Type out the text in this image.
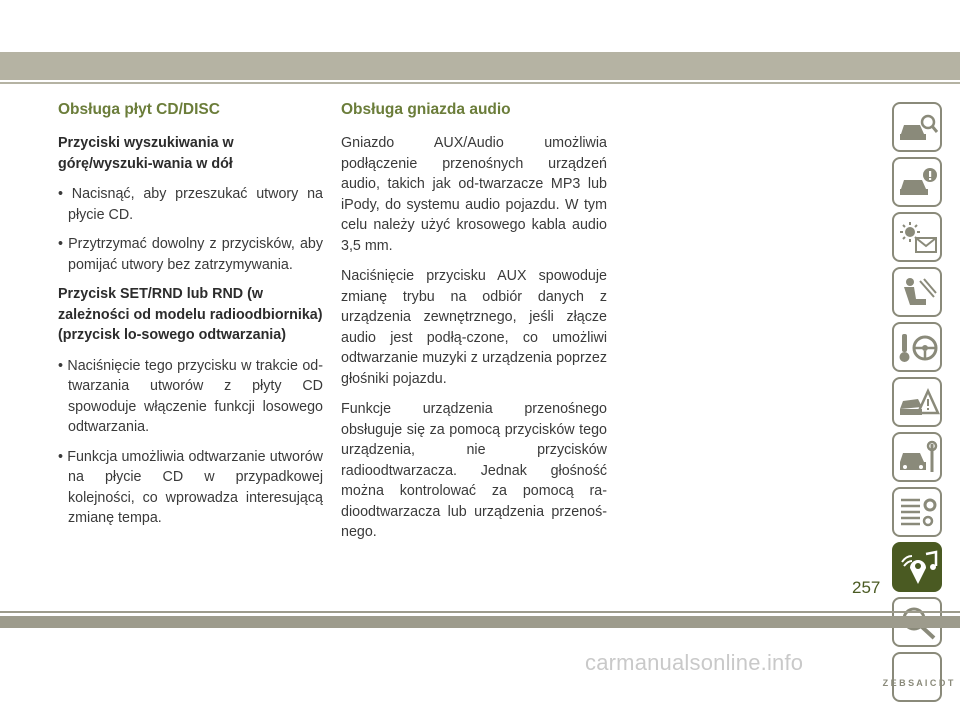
Obsługa płyt CD/DISC
Przyciski wyszukiwania w górę/wyszuki-wania w dół
• Nacisnąć, aby przeszukać utwory na płycie CD.
• Przytrzymać dowolny z przycisków, aby pomijać utwory bez zatrzymywania.
Przycisk SET/RND lub RND (w zależności od modelu radioodbiornika) (przycisk lo-sowego odtwarzania)
• Naciśnięcie tego przycisku w trakcie od-twarzania utworów z płyty CD spowoduje włączenie funkcji losowego odtwarzania.
• Funkcja umożliwia odtwarzanie utworów na płycie CD w przypadkowej kolejności, co wprowadza interesującą zmianę tempa.
Obsługa gniazda audio

Gniazdo AUX/Audio umożliwia podłączenie przenośnych urządzeń audio, takich jak od-twarzacze MP3 lub iPody, do systemu audio pojazdu. W tym celu należy użyć krosowego kabla audio 3,5 mm.

Naciśnięcie przycisku AUX spowoduje zmianę trybu na odbiór danych z urządzenia zewnętrznego, jeśli złącze audio jest podłą-czone, co umożliwi odtwarzanie muzyki z urządzenia poprzez głośniki pojazdu.

Funkcje urządzenia przenośnego obsługuje się za pomocą przycisków tego urządzenia, nie przycisków radioodtwarzacza. Jednak głośność można kontrolować za pomocą ra-dioodtwarzacza lub urządzenia przenoś-nego.

Z E B S A I C D T
257
carmanualsonline.info
